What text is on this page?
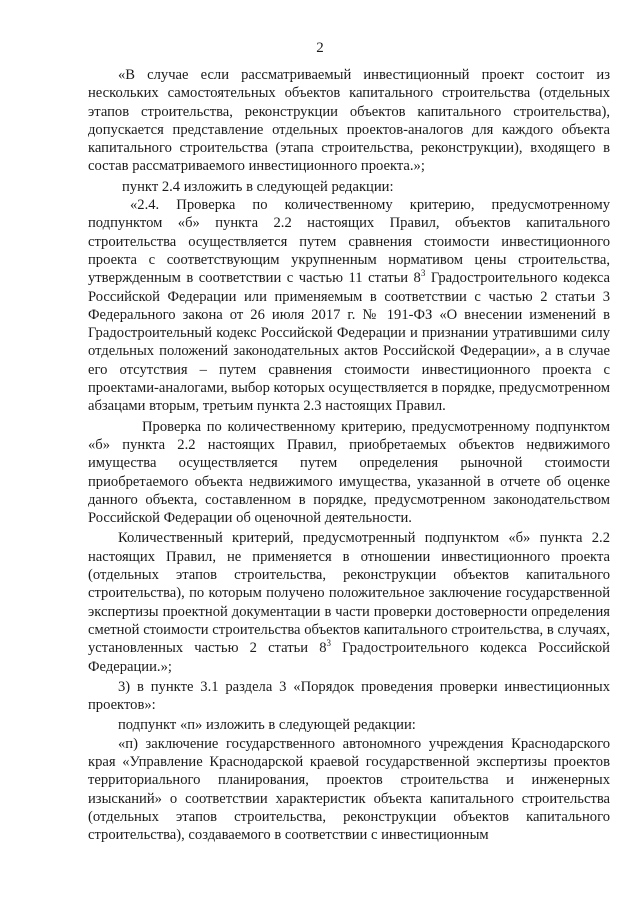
2

«В случае если рассматриваемый инвестиционный проект состоит из нескольких самостоятельных объектов капитального строительства (отдельных этапов строительства, реконструкции объектов капитального строительства), допускается представление отдельных проектов-аналогов для каждого объекта капитального строительства (этапа строительства, реконструкции), входящего в состав рассматриваемого инвестиционного проекта.»;

пункт 2.4 изложить в следующей редакции:

«2.4. Проверка по количественному критерию, предусмотренному подпунктом «б» пункта 2.2 настоящих Правил, объектов капитального строительства осуществляется путем сравнения стоимости инвестиционного проекта с соответствующим укрупненным нормативом цены строительства, утвержденным в соответствии с частью 11 статьи $8^3$ Градостроительного кодекса Российской Федерации или применяемым в соответствии с частью 2 статьи 3 Федерального закона от 26 июля 2017 г. № 191-ФЗ «О внесении изменений в Градостроительный кодекс Российской Федерации и признании утратившими силу отдельных положений законодательных актов Российской Федерации», а в случае его отсутствия – путем сравнения стоимости инвестиционного проекта с проектами-аналогами, выбор которых осуществляется в порядке, предусмотренном абзацами вторым, третьим пункта 2.3 настоящих Правил.

Проверка по количественному критерию, предусмотренному подпунктом «б» пункта 2.2 настоящих Правил, приобретаемых объектов недвижимого имущества осуществляется путем определения рыночной стоимости приобретаемого объекта недвижимого имущества, указанной в отчете об оценке данного объекта, составленном в порядке, предусмотренном законодательством Российской Федерации об оценочной деятельности.

Количественный критерий, предусмотренный подпунктом «б» пункта 2.2 настоящих Правил, не применяется в отношении инвестиционного проекта (отдельных этапов строительства, реконструкции объектов капитального строительства), по которым получено положительное заключение государственной экспертизы проектной документации в части проверки достоверности определения сметной стоимости строительства объектов капитального строительства, в случаях, установленных частью 2 статьи $8^3$ Градостроительного кодекса Российской Федерации.»;

3) в пункте 3.1 раздела 3 «Порядок проведения проверки инвестиционных проектов»:

подпункт «п» изложить в следующей редакции:

«п) заключение государственного автономного учреждения Краснодарского края «Управление Краснодарской краевой государственной экспертизы проектов территориального планирования, проектов строительства и инженерных изысканий» о соответствии характеристик объекта капитального строительства (отдельных этапов строительства, реконструкции объектов капитального строительства), создаваемого в соответствии с инвестиционным
